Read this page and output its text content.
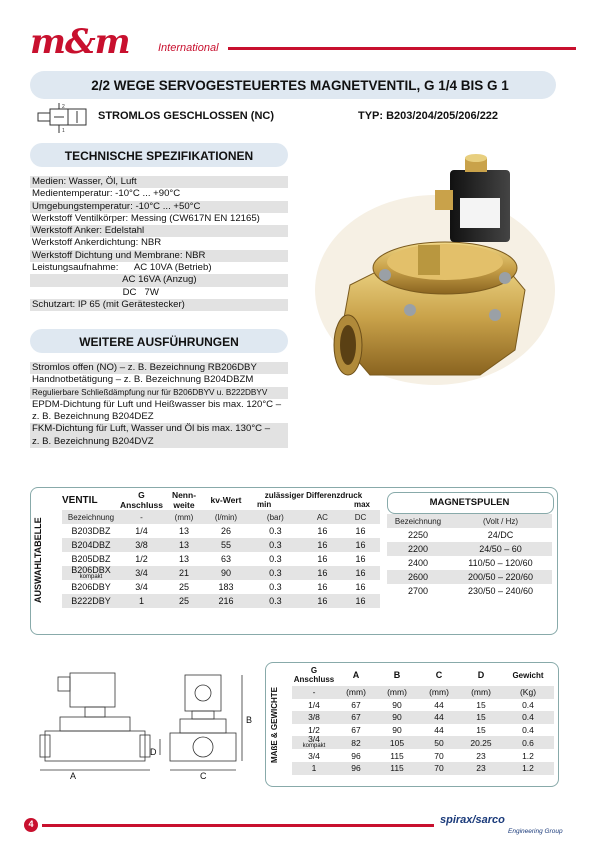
m&m	International
2/2 WEGE SERVOGESTEUERTES MAGNETVENTIL, G 1/4 BIS G 1
2
1
STROMLOS GESCHLOSSEN (NC)	TYP: B203/204/205/206/222
TECHNISCHE SPEZIFIKATIONEN
Medien: Wasser, Öl, Luft
Medientemperatur: -10°C ... +90°C
Umgebungstemperatur: -10°C ... +50°C
Werkstoff Ventilkörper: Messing (CW617N EN 12165)
Werkstoff Anker: Edelstahl
Werkstoff Ankerdichtung: NBR
Werkstoff Dichtung und Membrane: NBR
Leistungsaufnahme:      AC 10VA (Betrieb)
AC 16VA (Anzug)
DC   7W
Schutzart: IP 65 (mit Gerätestecker)
WEITERE AUSFÜHRUNGEN
Stromlos offen (NO) – z. B. Bezeichnung RB206DBY
Handnotbetätigung – z. B. Bezeichnung B204DBZM
Regulierbare Schließdämpfung nur für B206DBYV u. B222DBYV
EPDM-Dichtung für Luft und Heißwasser bis max. 120°C –
z. B. Bezeichnung B204DEZ
FKM-Dichtung für Luft, Wasser und Öl bis max. 130°C –
z. B. Bezeichnung B204DVZ
AUSWAHLTABELLE
MAGNETSPULEN
VENTIL	G Anschluss	Nenn-weite	kv-Wert	zulässiger Differenzdruck

min max		

Bezeichnung	-	(mm)	(l/min)	(bar)	AC	DC
B203DBZ	1/4	13	26	0.3	16	16
B204DBZ	3/8	13	55	0.3	16	16
B205DBZ	1/2	13	63	0.3	16	16
B206DBX
kompakt	3/4	21	90	0.3	16	16
B206DBY	3/4	25	183	0.3	16	16
B222DBY	1	25	216	0.3	16	16

Bezeichnung	(Volt / Hz)
2250	24/DC
2200	24/50 – 60
2400	110/50 – 120/60
2600	200/50 – 220/60
2700	230/50 – 240/60
A	C
B
D	MAßE & GEWICHTE
G Anschluss	A	B	C	D	Gewicht
-	(mm)	(mm)	(mm)	(mm)	(Kg)
1/4	67	90	44	15	0.4
3/8	67	90	44	15	0.4
1/2	67	90	44	15	0.4
3/4
kompakt	82	105	50	20.25	0.6
3/4	96	115	70	23	1.2
1	96	115	70	23	1.2
4	spirax/sarco
Engineering Group
